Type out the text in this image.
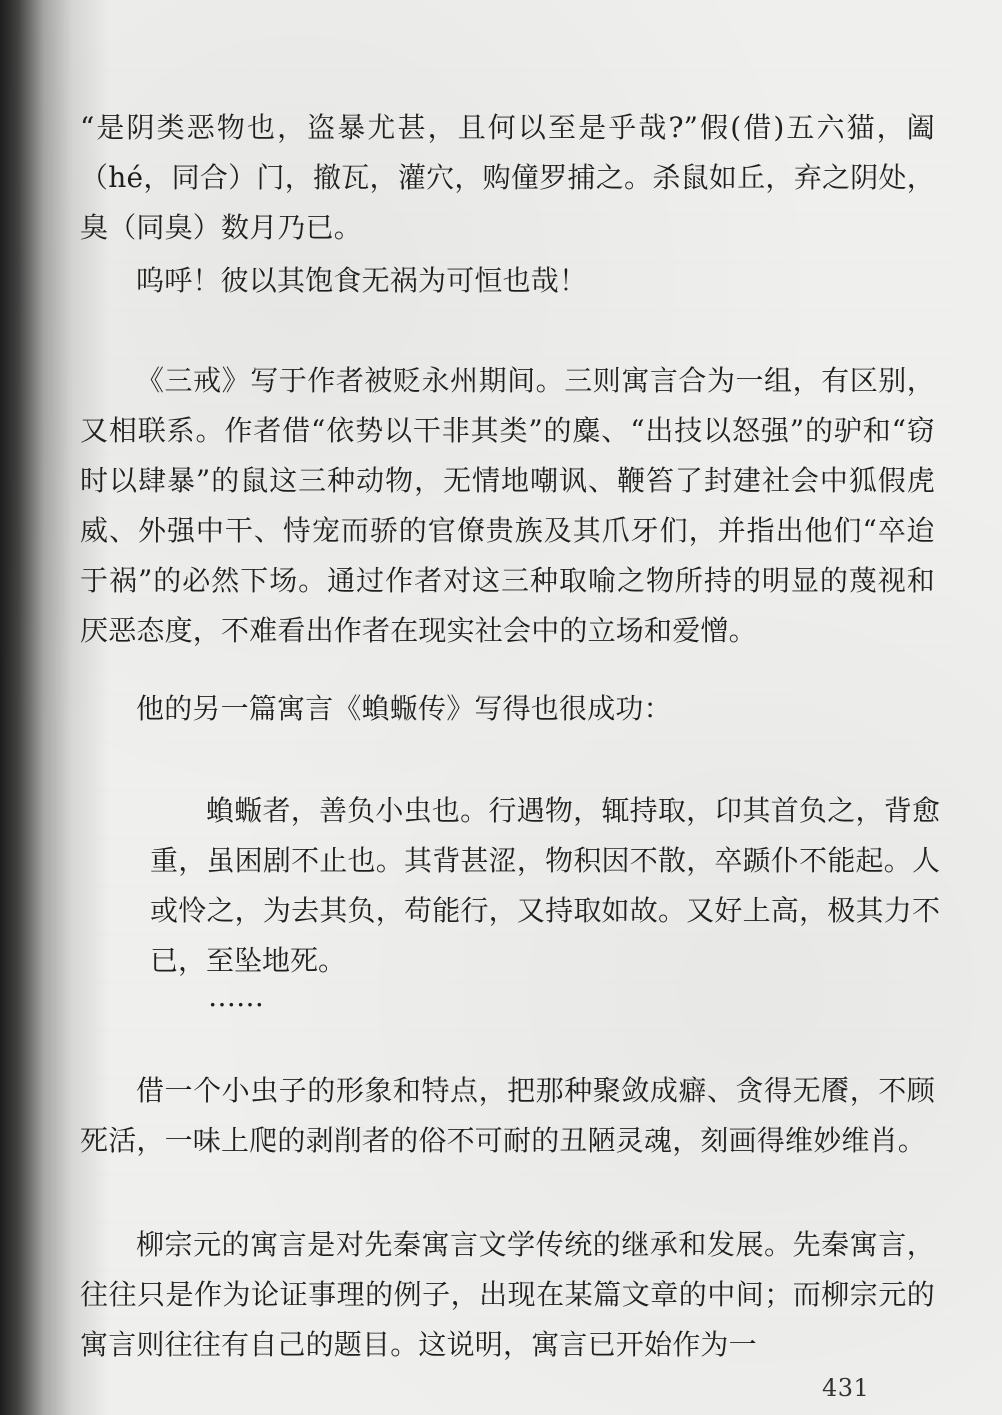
“是阴类恶物也，盗暴尤甚，且何以至是乎哉?”假(借)五六猫，阖（hé，同合）门，撤瓦，灌穴，购僮罗捕之。杀鼠如丘，弃之阴处，臭（同臭）数月乃已。
呜呼！彼以其饱食无祸为可恒也哉！
《三戒》写于作者被贬永州期间。三则寓言合为一组，有区别，又相联系。作者借“依势以干非其类”的麋、“出技以怒强”的驴和“窃时以肆暴”的鼠这三种动物，无情地嘲讽、鞭笞了封建社会中狐假虎威、外强中干、恃宠而骄的官僚贵族及其爪牙们，并指出他们“卒迨于祸”的必然下场。通过作者对这三种取喻之物所持的明显的蔑视和厌恶态度，不难看出作者在现实社会中的立场和爱憎。
他的另一篇寓言《蝜蝂传》写得也很成功：
蝜蝂者，善负小虫也。行遇物，辄持取，卬其首负之，背愈重，虽困剧不止也。其背甚涩，物积因不散，卒踬仆不能起。人或怜之，为去其负，苟能行，又持取如故。又好上高，极其力不已，至坠地死。
……
借一个小虫子的形象和特点，把那种聚敛成癖、贪得无餍，不顾死活，一味上爬的剥削者的俗不可耐的丑陋灵魂，刻画得维妙维肖。
柳宗元的寓言是对先秦寓言文学传统的继承和发展。先秦寓言，往往只是作为论证事理的例子，出现在某篇文章的中间；而柳宗元的寓言则往往有自己的题目。这说明，寓言已开始作为一
431
